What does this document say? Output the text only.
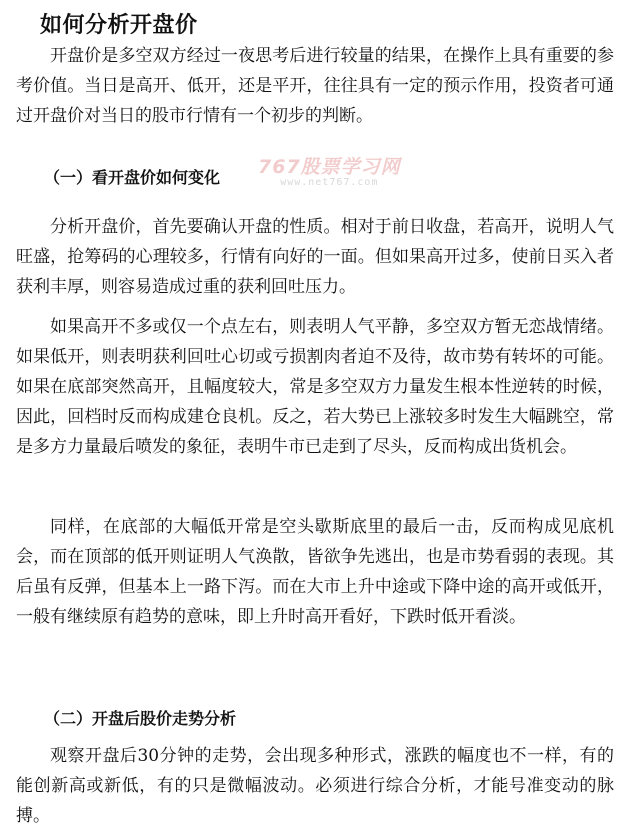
如何分析开盘价
开盘价是多空双方经过一夜思考后进行较量的结果，在操作上具有重要的参考价值。当日是高开、低开，还是平开，往往具有一定的预示作用，投资者可通过开盘价对当日的股市行情有一个初步的判断。
（一）看开盘价如何变化 767股票学习网
www.net767.com
分析开盘价，首先要确认开盘的性质。相对于前日收盘，若高开，说明人气旺盛，抢筹码的心理较多，行情有向好的一面。但如果高开过多，使前日买入者获利丰厚，则容易造成过重的获利回吐压力。
如果高开不多或仅一个点左右，则表明人气平静，多空双方暂无恋战情绪。如果低开，则表明获利回吐心切或亏损割肉者迫不及待，故市势有转坏的可能。如果在底部突然高开，且幅度较大，常是多空双方力量发生根本性逆转的时候，因此，回档时反而构成建仓良机。反之，若大势已上涨较多时发生大幅跳空，常是多方力量最后喷发的象征，表明牛市已走到了尽头，反而构成出货机会。
同样，在底部的大幅低开常是空头歇斯底里的最后一击，反而构成见底机会，而在顶部的低开则证明人气涣散，皆欲争先逃出，也是市势看弱的表现。其后虽有反弹，但基本上一路下泻。而在大市上升中途或下降中途的高开或低开，一般有继续原有趋势的意味，即上升时高开看好，下跌时低开看淡。
（二）开盘后股价走势分析
观察开盘后30分钟的走势，会出现多种形式，涨跌的幅度也不一样，有的能创新高或新低，有的只是微幅波动。必须进行综合分析，才能号准变动的脉搏。
